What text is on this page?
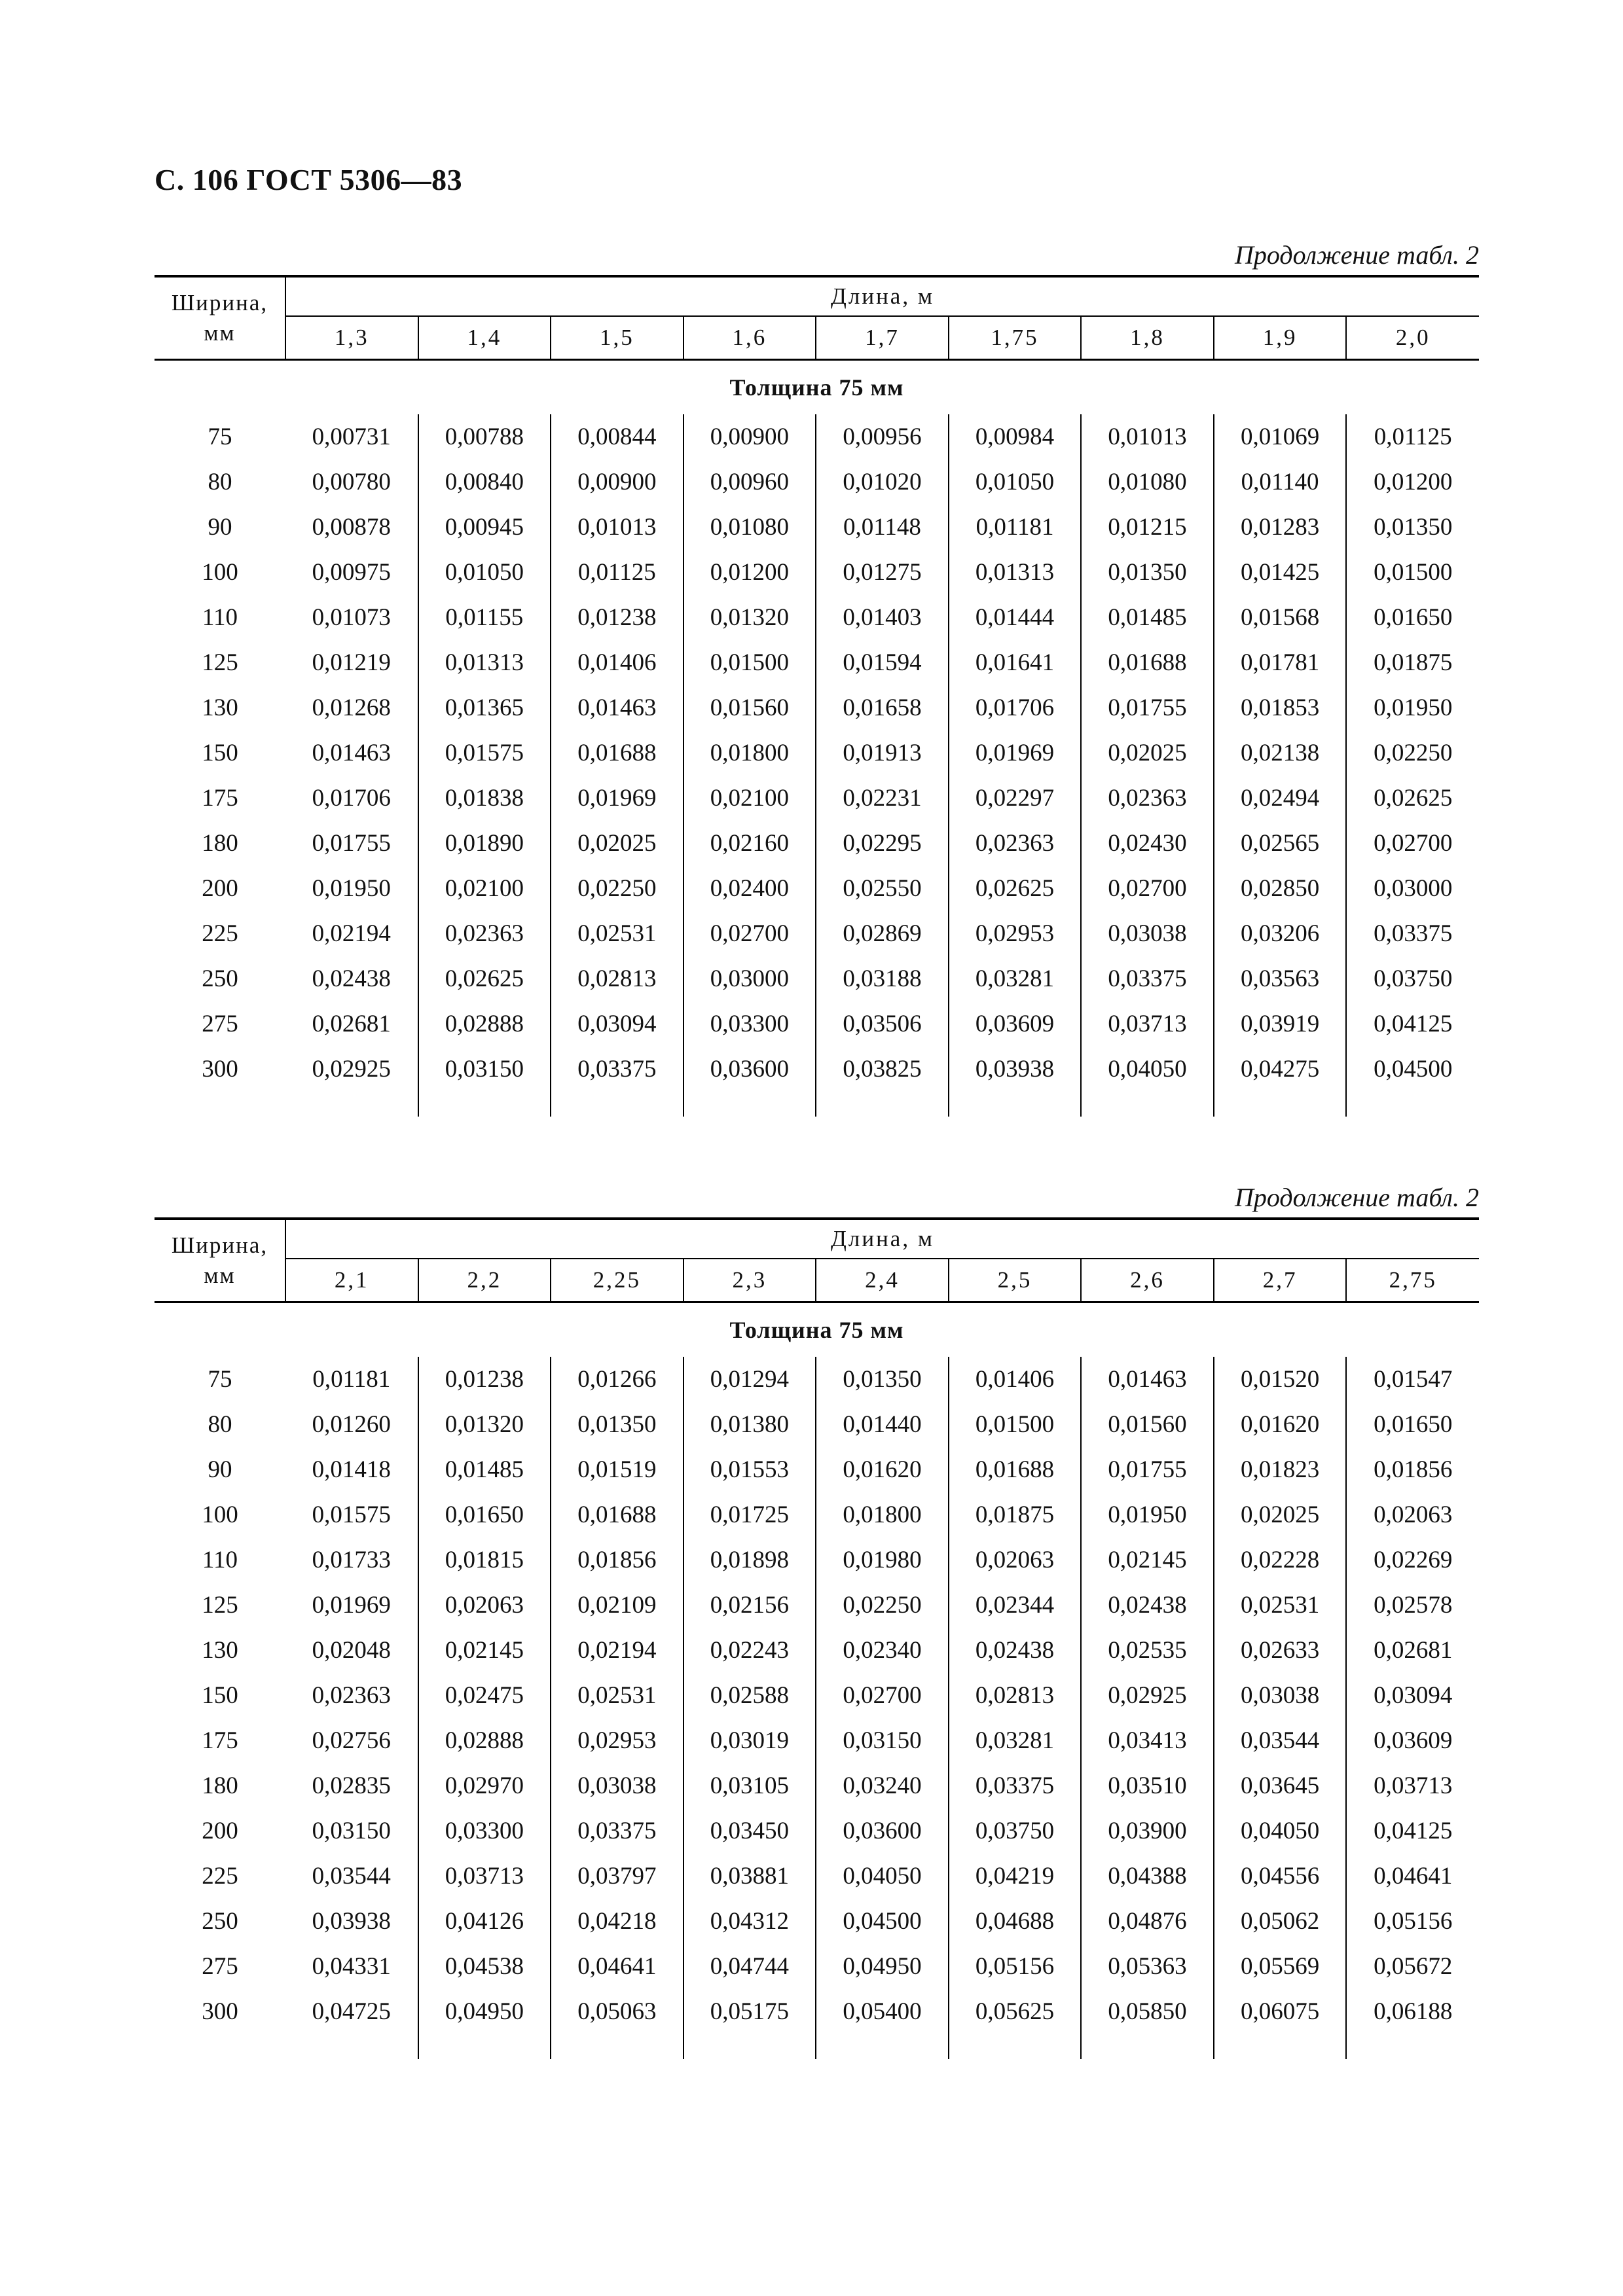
С. 106 ГОСТ 5306—83
Продолжение табл. 2
Ширина,
мм	Длина, м								
	1,3	1,4	1,5	1,6	1,7	1,75	1,8	1,9	2,0
Толщина 75 мм									
75	0,00731	0,00788	0,00844	0,00900	0,00956	0,00984	0,01013	0,01069	0,01125
80	0,00780	0,00840	0,00900	0,00960	0,01020	0,01050	0,01080	0,01140	0,01200
90	0,00878	0,00945	0,01013	0,01080	0,01148	0,01181	0,01215	0,01283	0,01350
100	0,00975	0,01050	0,01125	0,01200	0,01275	0,01313	0,01350	0,01425	0,01500
110	0,01073	0,01155	0,01238	0,01320	0,01403	0,01444	0,01485	0,01568	0,01650
125	0,01219	0,01313	0,01406	0,01500	0,01594	0,01641	0,01688	0,01781	0,01875
130	0,01268	0,01365	0,01463	0,01560	0,01658	0,01706	0,01755	0,01853	0,01950
150	0,01463	0,01575	0,01688	0,01800	0,01913	0,01969	0,02025	0,02138	0,02250
175	0,01706	0,01838	0,01969	0,02100	0,02231	0,02297	0,02363	0,02494	0,02625
180	0,01755	0,01890	0,02025	0,02160	0,02295	0,02363	0,02430	0,02565	0,02700
200	0,01950	0,02100	0,02250	0,02400	0,02550	0,02625	0,02700	0,02850	0,03000
225	0,02194	0,02363	0,02531	0,02700	0,02869	0,02953	0,03038	0,03206	0,03375
250	0,02438	0,02625	0,02813	0,03000	0,03188	0,03281	0,03375	0,03563	0,03750
275	0,02681	0,02888	0,03094	0,03300	0,03506	0,03609	0,03713	0,03919	0,04125
300	0,02925	0,03150	0,03375	0,03600	0,03825	0,03938	0,04050	0,04275	0,04500

Продолжение табл. 2
Ширина,
мм	Длина, м								
	2,1	2,2	2,25	2,3	2,4	2,5	2,6	2,7	2,75
Толщина 75 мм									
75	0,01181	0,01238	0,01266	0,01294	0,01350	0,01406	0,01463	0,01520	0,01547
80	0,01260	0,01320	0,01350	0,01380	0,01440	0,01500	0,01560	0,01620	0,01650
90	0,01418	0,01485	0,01519	0,01553	0,01620	0,01688	0,01755	0,01823	0,01856
100	0,01575	0,01650	0,01688	0,01725	0,01800	0,01875	0,01950	0,02025	0,02063
110	0,01733	0,01815	0,01856	0,01898	0,01980	0,02063	0,02145	0,02228	0,02269
125	0,01969	0,02063	0,02109	0,02156	0,02250	0,02344	0,02438	0,02531	0,02578
130	0,02048	0,02145	0,02194	0,02243	0,02340	0,02438	0,02535	0,02633	0,02681
150	0,02363	0,02475	0,02531	0,02588	0,02700	0,02813	0,02925	0,03038	0,03094
175	0,02756	0,02888	0,02953	0,03019	0,03150	0,03281	0,03413	0,03544	0,03609
180	0,02835	0,02970	0,03038	0,03105	0,03240	0,03375	0,03510	0,03645	0,03713
200	0,03150	0,03300	0,03375	0,03450	0,03600	0,03750	0,03900	0,04050	0,04125
225	0,03544	0,03713	0,03797	0,03881	0,04050	0,04219	0,04388	0,04556	0,04641
250	0,03938	0,04126	0,04218	0,04312	0,04500	0,04688	0,04876	0,05062	0,05156
275	0,04331	0,04538	0,04641	0,04744	0,04950	0,05156	0,05363	0,05569	0,05672
300	0,04725	0,04950	0,05063	0,05175	0,05400	0,05625	0,05850	0,06075	0,06188
